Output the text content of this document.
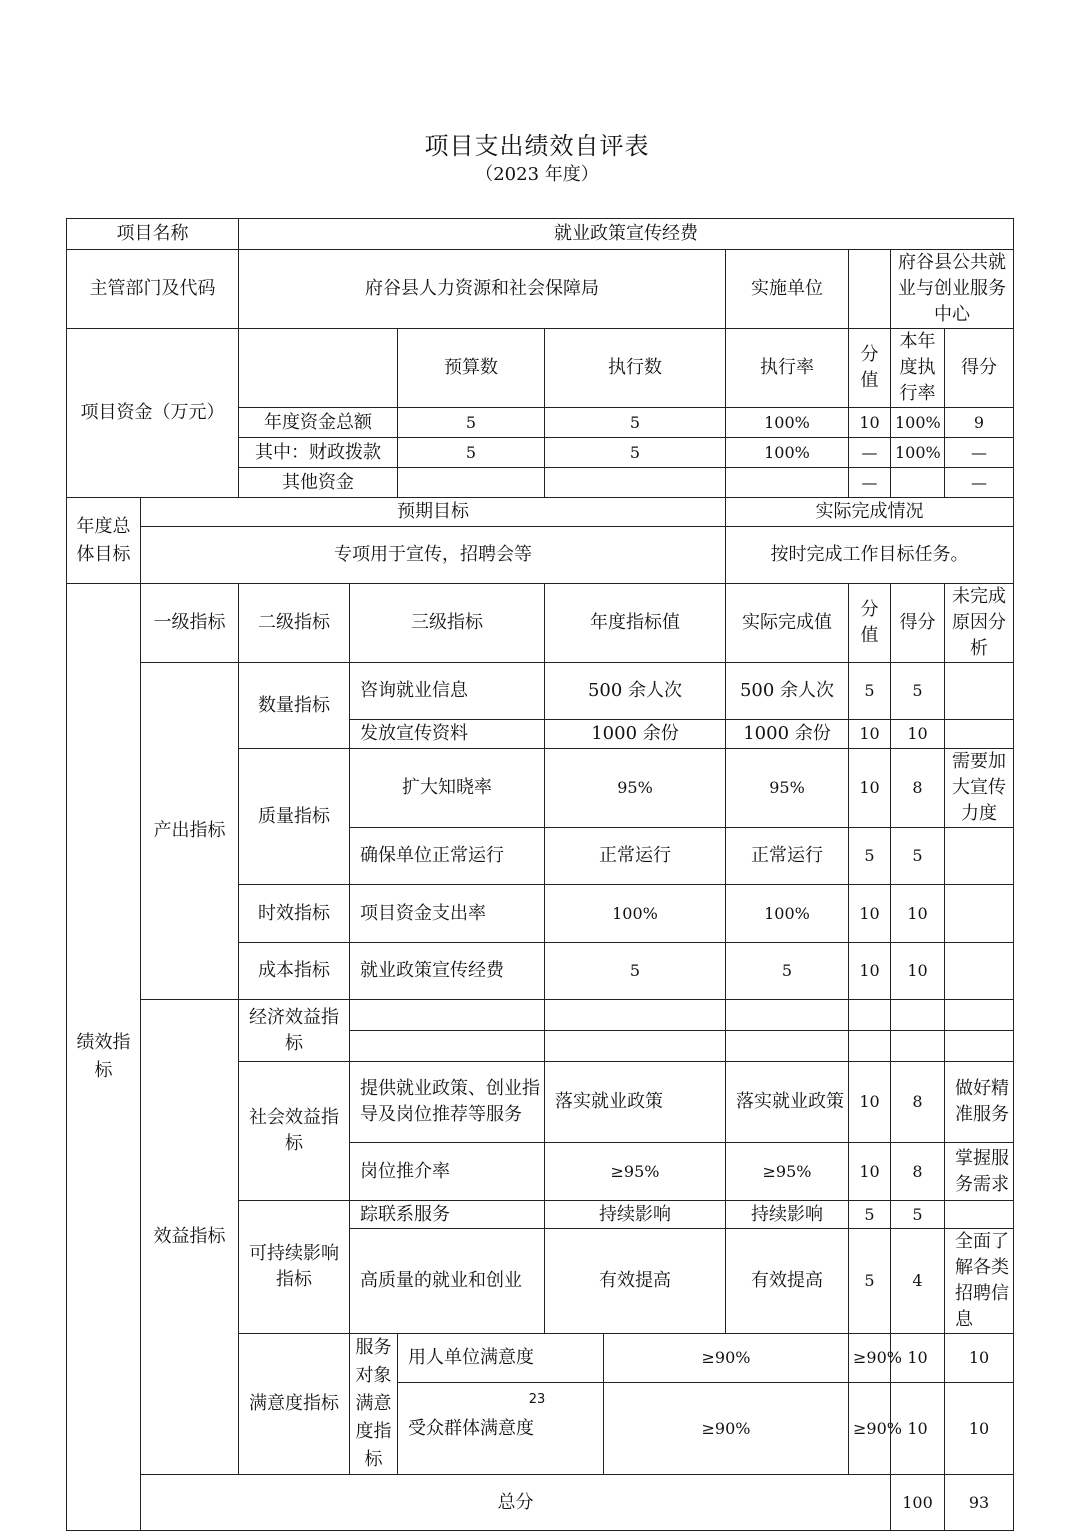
项目支出绩效自评表
（2023 年度）
项目名称		就业政策宣传经费									
主管部门及代码		府谷县人力资源和社会保障局					实施单位		府谷县公共就业与创业服务中心		
项目资金（万元）				预算数	执行数		执行率	分值	本年度执行率	得分	
		年度资金总额		5	5		100%	10	100%	9	
		其中：财政拨款		5	5		100%	—	100%	—	
		其他资金						—		—	
年度总体目标	预期目标						实际完成情况				
	专项用于宣传，招聘会等						按时完成工作目标任务。				
绩效指标	一级指标	二级指标	三级指标		年度指标值		实际完成值	分值	得分	未完成原因分析	
	产出指标	数量指标	咨询就业信息		500 余人次		500 余人次	5	5		
			发放宣传资料		1000 余份		1000 余份	10	10		
		质量指标	扩大知晓率		95%		95%	10	8	需要加大宣传力度	
			确保单位正常运行		正常运行		正常运行	5	5		
		时效指标	项目资金支出率		100%		100%	10	10		
		成本指标	就业政策宣传经费		5		5	10	10		
	效益指标	经济效益指标									

		社会效益指标	提供就业政策、创业指导及岗位推荐等服务		落实就业政策		落实就业政策	10	8	做好精准服务	
			岗位推介率		≥95%		≥95%	10	8	掌握服务需求	
		可持续影响指标	踪联系服务		持续影响		持续影响	5	5		
			高质量的就业和创业		有效提高		有效提高	5	4	全面了解各类招聘信息	
		满意度指标	服务对象满意度指标	用人单位满意度		≥90%		≥90%	10	10	
				受众群体满意度		≥90%		≥90%	10	10	
	总分								100	93	
23
